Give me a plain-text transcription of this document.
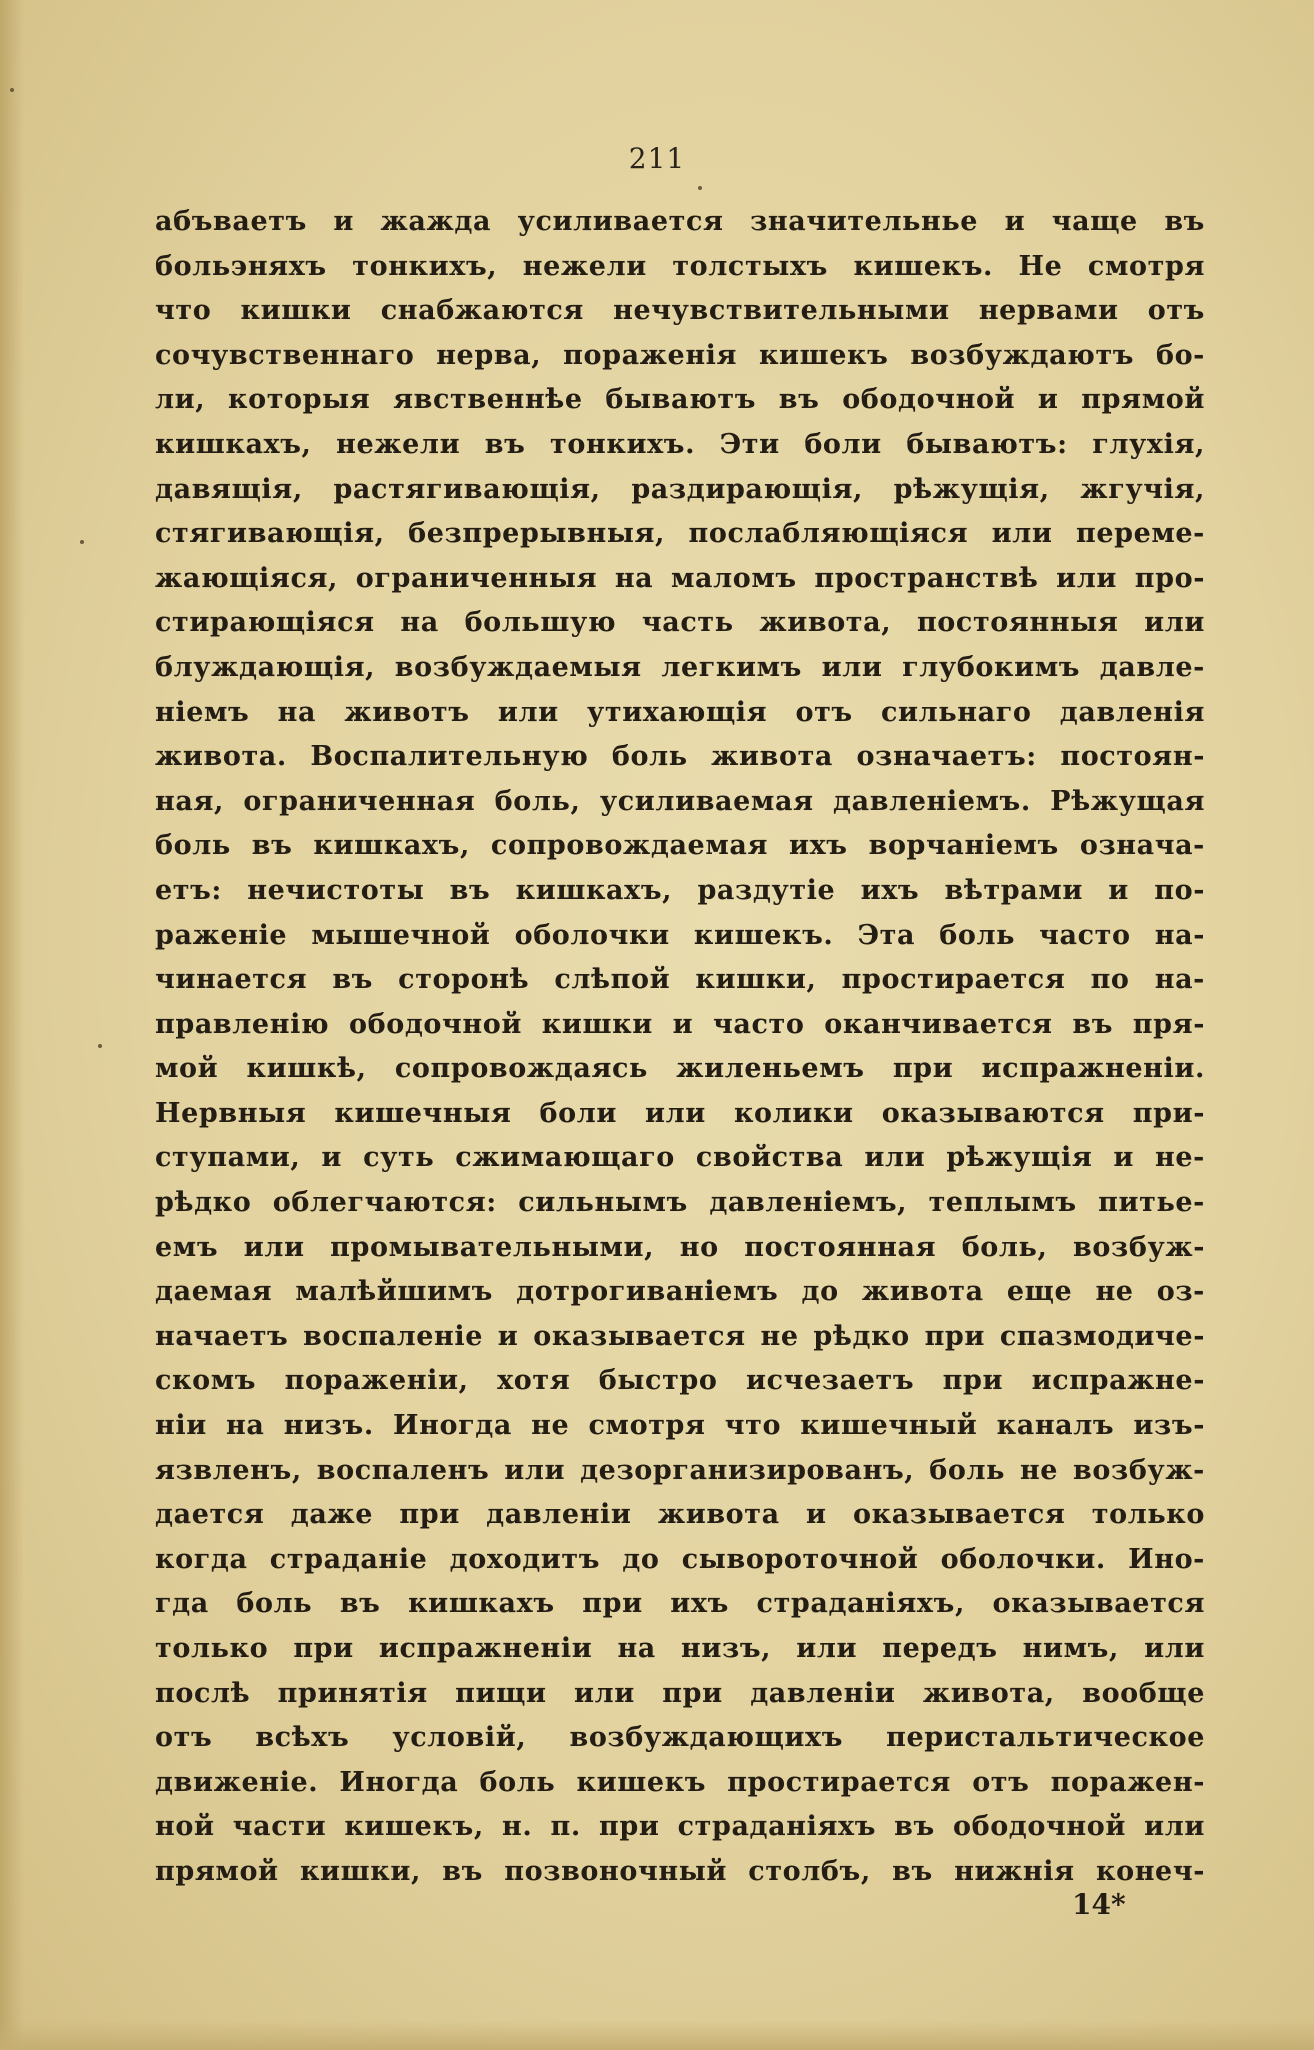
211
абъваетъ и жажда усиливается значительнье и чаще въ
больэняхъ тонкихъ, нежели толстыхъ кишекъ. Не смотря
что кишки снабжаются нечувствительными нервами отъ
сочувственнаго нерва, пораженія кишекъ возбуждаютъ бо-
ли, которыя явственнѣе бываютъ въ ободочной и прямой
кишкахъ, нежели въ тонкихъ. Эти боли бываютъ: глухія,
давящія, растягивающія, раздирающія, рѣжущія, жгучія,
стягивающія, безпрерывныя, послабляющіяся или переме-
жающіяся, ограниченныя на маломъ пространствѣ или про-
стирающіяся на большую часть живота, постоянныя или
блуждающія, возбуждаемыя легкимъ или глубокимъ давле-
ніемъ на животъ или утихающія отъ сильнаго давленія
живота. Воспалительную боль живота означаетъ: постоян-
ная, ограниченная боль, усиливаемая давленіемъ. Рѣжущая
боль въ кишкахъ, сопровождаемая ихъ ворчаніемъ означа-
етъ: нечистоты въ кишкахъ, раздутіе ихъ вѣтрами и по-
раженіе мышечной оболочки кишекъ. Эта боль часто на-
чинается въ сторонѣ слѣпой кишки, простирается по на-
правленію ободочной кишки и часто оканчивается въ пря-
мой кишкѣ, сопровождаясь жиленьемъ при испражненіи.
Нервныя кишечныя боли или колики оказываются при-
ступами, и суть сжимающаго свойства или рѣжущія и не-
рѣдко облегчаются: сильнымъ давленіемъ, теплымъ питье-
емъ или промывательными, но постоянная боль, возбуж-
даемая малѣйшимъ дотрогиваніемъ до живота еще не оз-
начаетъ воспаленіе и оказывается не рѣдко при спазмодиче-
скомъ пораженіи, хотя быстро исчезаетъ при испражне-
ніи на низъ. Иногда не смотря что кишечный каналъ изъ-
язвленъ, воспаленъ или дезорганизированъ, боль не возбуж-
дается даже при давленіи живота и оказывается только
когда страданіе доходитъ до сывороточной оболочки. Ино-
гда боль въ кишкахъ при ихъ страданіяхъ, оказывается
только при испражненіи на низъ, или передъ нимъ, или
послѣ принятія пищи или при давленіи живота, вообще
отъ всѣхъ условій, возбуждающихъ перистальтическое
движеніе. Иногда боль кишекъ простирается отъ поражен-
ной части кишекъ, н. п. при страданіяхъ въ ободочной или
прямой кишки, въ позвоночный столбъ, въ нижнія конеч-
14*
